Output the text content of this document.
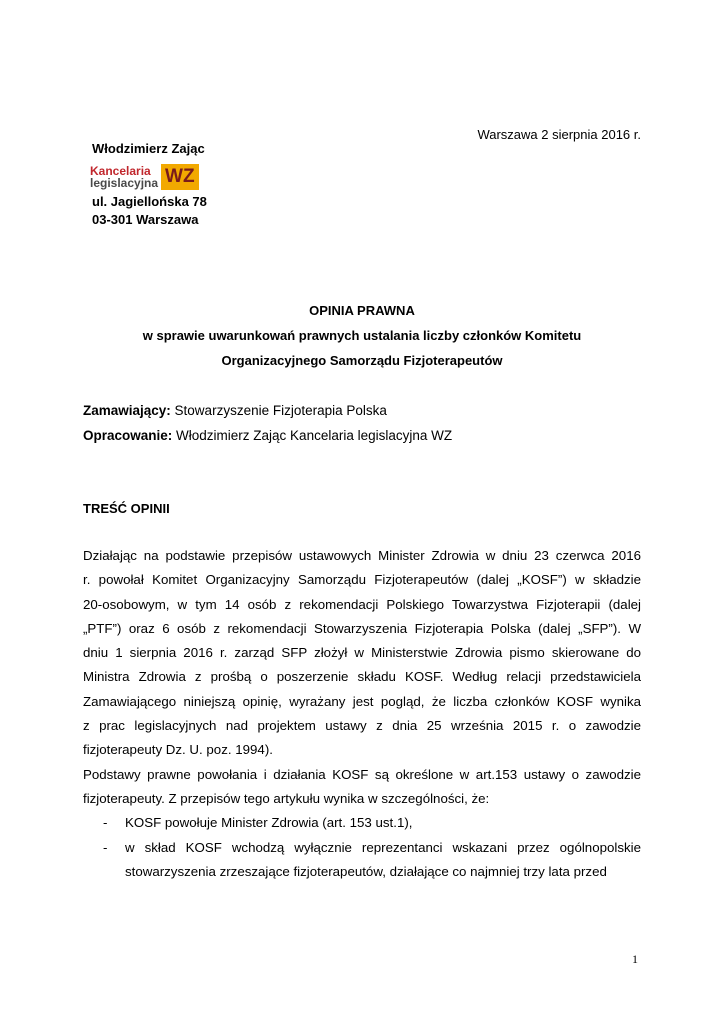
Warszawa 2 sierpnia 2016 r.
Włodzimierz Zając
Kancelaria
legislacyjna WZ
ul. Jagiellońska 78
03-301 Warszawa
OPINIA PRAWNA
w sprawie uwarunkowań prawnych ustalania liczby członków Komitetu
Organizacyjnego Samorządu Fizjoterapeutów
Zamawiający: Stowarzyszenie Fizjoterapia Polska
Opracowanie: Włodzimierz Zając Kancelaria legislacyjna WZ
TREŚĆ OPINII

Działając na podstawie przepisów ustawowych Minister Zdrowia w dniu 23 czerwca 2016
r. powołał Komitet Organizacyjny Samorządu Fizjoterapeutów (dalej „KOSF”) w składzie
20-osobowym, w tym 14 osób z rekomendacji Polskiego Towarzystwa Fizjoterapii (dalej
„PTF”) oraz 6 osób z rekomendacji Stowarzyszenia Fizjoterapia Polska (dalej „SFP”). W
dniu 1 sierpnia 2016 r. zarząd SFP złożył w Ministerstwie Zdrowia pismo skierowane do
Ministra Zdrowia z prośbą o poszerzenie składu KOSF. Według relacji przedstawiciela
Zamawiającego niniejszą opinię, wyrażany jest pogląd, że liczba członków KOSF wynika
z prac legislacyjnych nad projektem ustawy z dnia 25 września 2015 r. o zawodzie
fizjoterapeuty Dz. U. poz. 1994).

Podstawy prawne powołania i działania KOSF są określone w art.153 ustawy o zawodzie
fizjoterapeuty. Z przepisów tego artykułu wynika w szczególności, że:

- KOSF powołuje Minister Zdrowia (art. 153 ust.1),
- w skład KOSF wchodzą wyłącznie reprezentanci wskazani przez ogólnopolskie
stowarzyszenia zrzeszające fizjoterapeutów, działające co najmniej trzy lata przed
1
